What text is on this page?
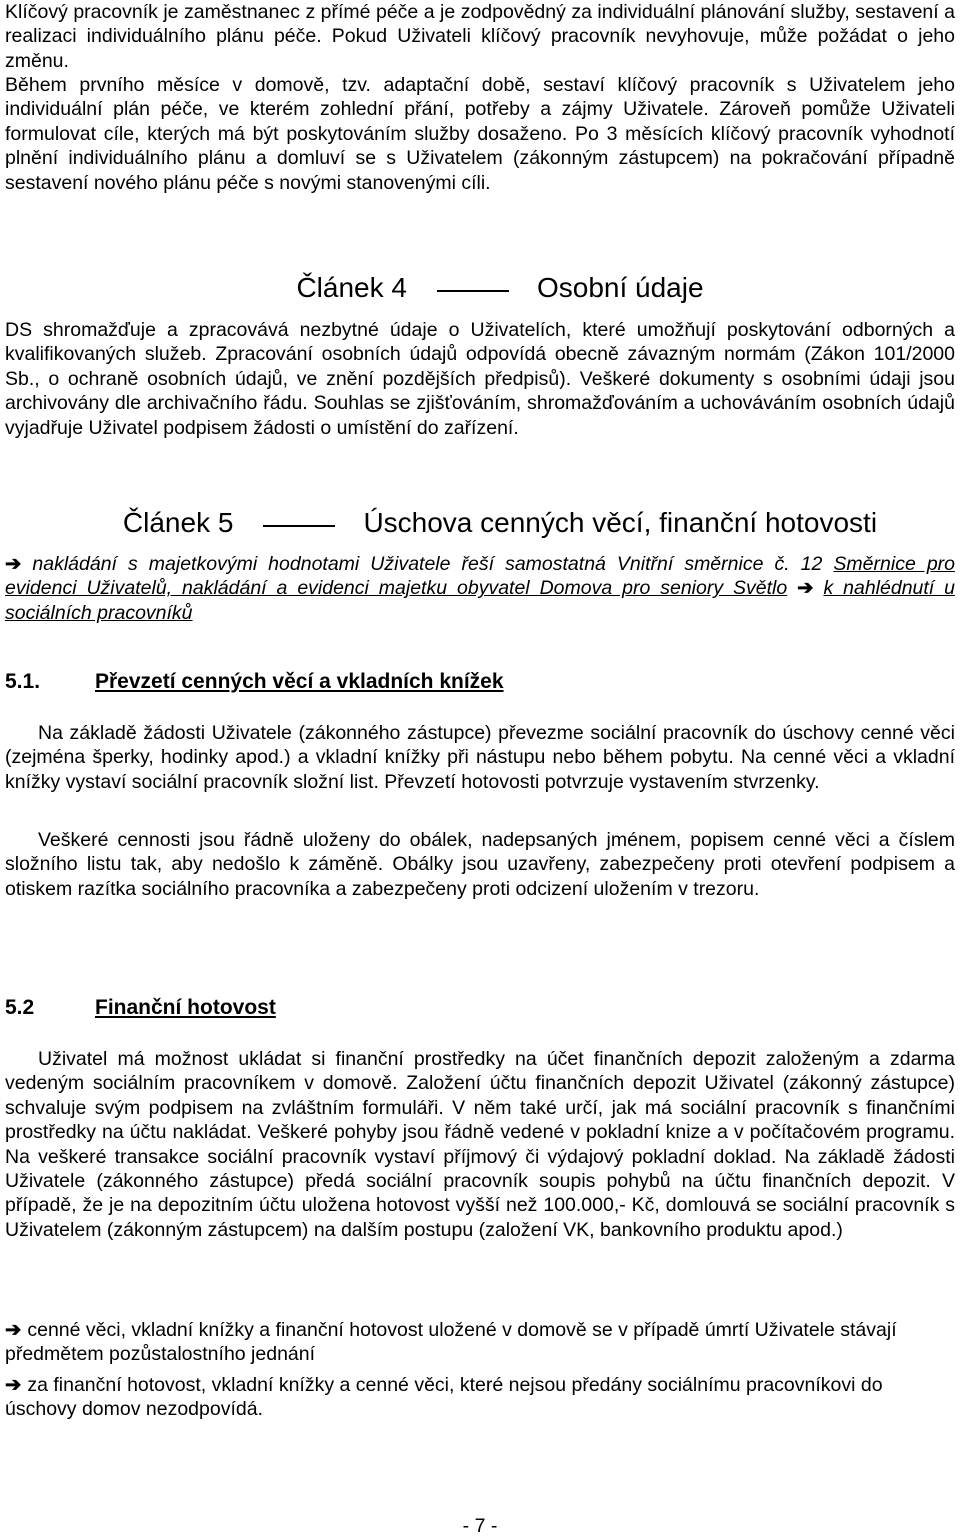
Klíčový pracovník je zaměstnanec z přímé péče a je zodpovědný za individuální plánování služby, sestavení a realizaci individuálního plánu péče. Pokud Uživateli klíčový pracovník nevyhovuje, může požádat o jeho změnu.

Během prvního měsíce v domově, tzv. adaptační době, sestaví klíčový pracovník s Uživatelem jeho individuální plán péče, ve kterém zohlední přání, potřeby a zájmy Uživatele. Zároveň pomůže Uživateli formulovat cíle, kterých má být poskytováním služby dosaženo. Po 3 měsících klíčový pracovník vyhodnotí plnění individuálního plánu a domluví se s Uživatelem (zákonným zástupcem) na pokračování případně sestavení nového plánu péče s novými stanovenými cíli.

Článek 4	Osobní údaje

DS shromažďuje a zpracovává nezbytné údaje o Uživatelích, které umožňují poskytování odborných a kvalifikovaných služeb. Zpracování osobních údajů odpovídá obecně závazným normám (Zákon 101/2000 Sb., o ochraně osobních údajů, ve znění pozdějších předpisů). Veškeré dokumenty s osobními údaji jsou archivovány dle archivačního řádu. Souhlas se zjišťováním, shromažďováním a uchováváním osobních údajů vyjadřuje Uživatel podpisem žádosti o umístění do zařízení.

Článek 5	Úschova cenných věcí, finanční hotovosti

➔ nakládání s majetkovými hodnotami Uživatele řeší samostatná Vnitřní směrnice č. 12 Směrnice pro evidenci Uživatelů, nakládání a evidenci majetku obyvatel Domova pro seniory Světlo ➔ k nahlédnutí u sociálních pracovníků

5.1.	Převzetí cenných věcí a vkladních knížek

Na základě žádosti Uživatele (zákonného zástupce) převezme sociální pracovník do úschovy cenné věci (zejména šperky, hodinky apod.) a vkladní knížky při nástupu nebo během pobytu. Na cenné věci a vkladní knížky vystaví sociální pracovník složní list. Převzetí hotovosti potvrzuje vystavením stvrzenky.

Veškeré cennosti jsou řádně uloženy do obálek, nadepsaných jménem, popisem cenné věci a číslem složního listu tak, aby nedošlo k záměně. Obálky jsou uzavřeny, zabezpečeny proti otevření podpisem a otiskem razítka sociálního pracovníka a zabezpečeny proti odcizení uložením v trezoru.

5.2	Finanční hotovost

Uživatel má možnost ukládat si finanční prostředky na účet finančních depozit založeným a zdarma vedeným sociálním pracovníkem v domově. Založení účtu finančních depozit Uživatel (zákonný zástupce) schvaluje svým podpisem na zvláštním formuláři. V něm také určí, jak má sociální pracovník s finančními prostředky na účtu nakládat. Veškeré pohyby jsou řádně vedené v pokladní knize a v počítačovém programu. Na veškeré transakce sociální pracovník vystaví příjmový či výdajový pokladní doklad. Na základě žádosti Uživatele (zákonného zástupce) předá sociální pracovník soupis pohybů na účtu finančních depozit. V případě, že je na depozitním účtu uložena hotovost vyšší než 100.000,- Kč, domlouvá se sociální pracovník s Uživatelem (zákonným zástupcem) na dalším postupu (založení VK, bankovního produktu apod.)

➔ cenné věci, vkladní knížky a finanční hotovost uložené v domově se v případě úmrtí Uživatele stávají předmětem pozůstalostního jednání

➔ za finanční hotovost, vkladní knížky a cenné věci, které nejsou předány sociálnímu pracovníkovi do úschovy domov nezodpovídá.

- 7 -
